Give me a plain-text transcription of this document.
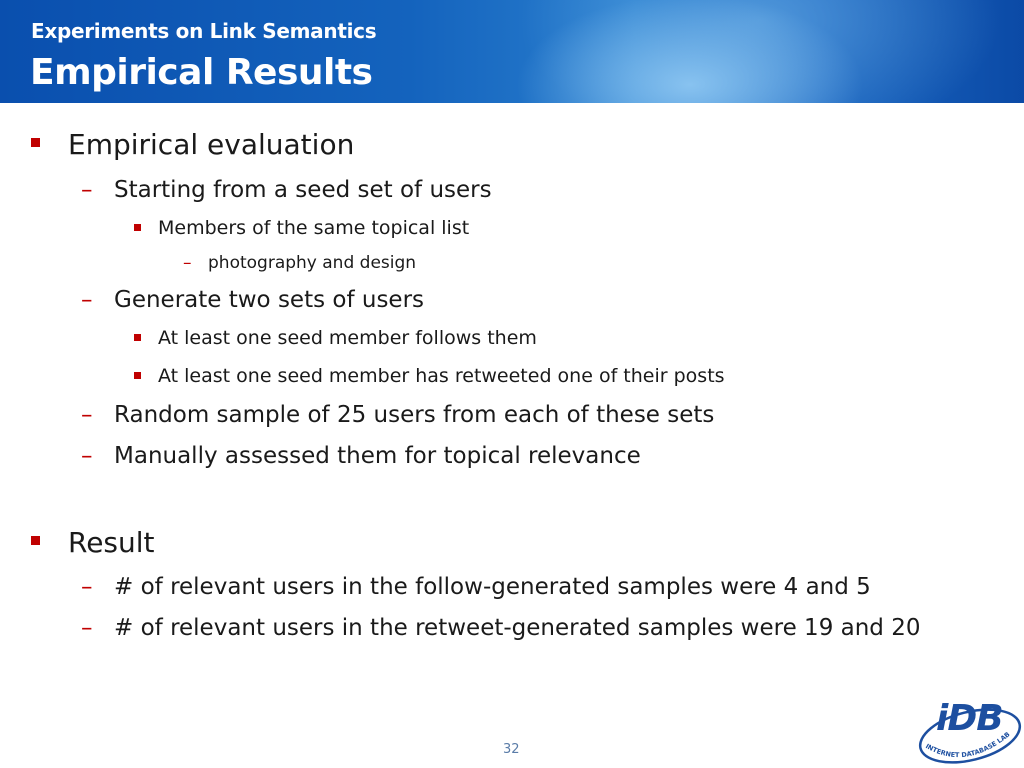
Experiments on Link Semantics
Empirical Results
Empirical evaluation
– Starting from a seed set of users
Members of the same topical list
– photography and design
– Generate two sets of users
At least one seed member follows them
At least one seed member has retweeted one of their posts
– Random sample of 25 users from each of these sets
– Manually assessed them for topical relevance
Result
– # of relevant users in the follow-generated samples were 4 and 5
– # of relevant users in the retweet-generated samples were 19 and 20
32
iDB
INTERNET DATABASE LAB
